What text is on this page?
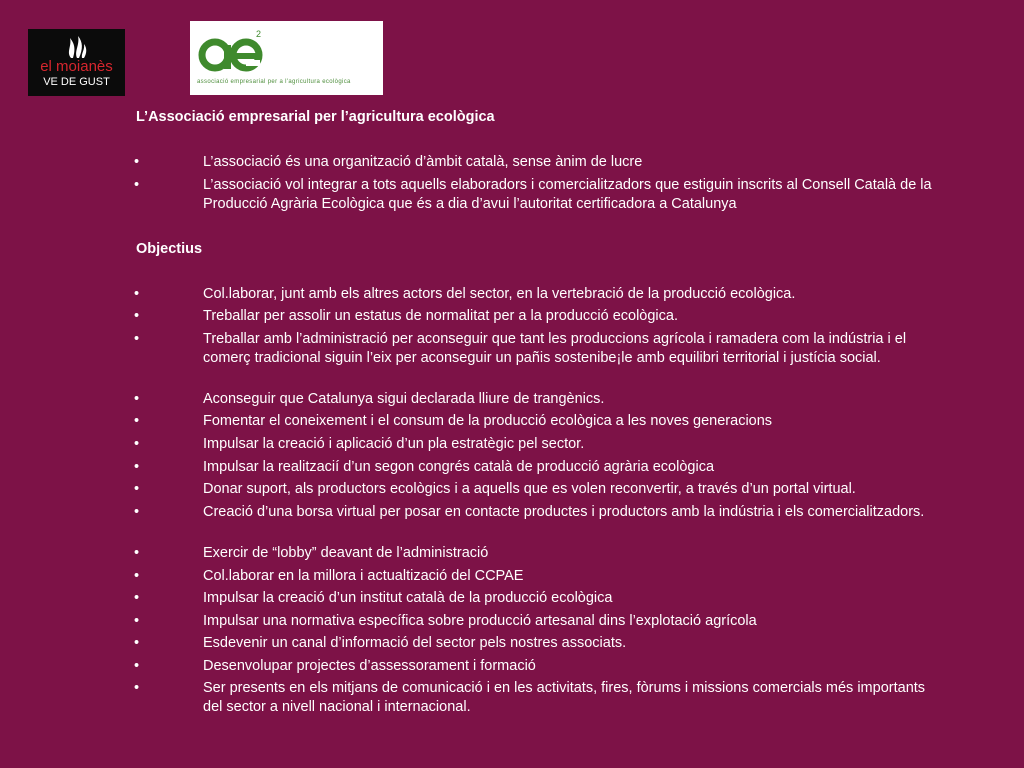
el moianès
VE DE GUST
2
associació empresarial per a l'agricultura ecològica
L’Associació empresarial per l’agricultura ecològica
•	L’associació és una organització d’àmbit català, sense ànim de lucre
•	L’associació vol integrar a tots aquells elaboradors i comercialitzadors que estiguin inscrits al Consell Català de la Producció Agrària Ecològica que és a dia d’avui l’autoritat certificadora a Catalunya
Objectius
•	Col.laborar, junt amb els altres actors del sector, en la vertebració de la producció ecològica.
•	Treballar per assolir un estatus de normalitat per a la producció ecològica.
•	Treballar amb l’administració per aconseguir que tant les produccions agrícola i ramadera com la indústria i el comerç tradicional siguin l’eix per aconseguir un pañis sostenibe¡le amb equilibri territorial i justícia social.
•	Aconseguir que Catalunya sigui declarada lliure de trangènics.
•	Fomentar el coneixement i el consum de la producció ecològica a les noves generacions
•	Impulsar la creació i aplicació d’un pla estratègic pel sector.
•	Impulsar la realitzacií d’un segon congrés català de producció agrària ecològica
•	Donar suport, als productors ecològics i a aquells que es volen reconvertir, a través d’un portal virtual.
•	Creació d’una borsa virtual per posar en contacte productes i productors amb la indústria i els comercialitzadors.
•	Exercir de “lobby” deavant de l’administració
•	Col.laborar en la millora i actualtizació del CCPAE
•	Impulsar la creació d’un institut català de la producció ecològica
•	Impulsar una normativa específica sobre producció artesanal dins l’explotació agrícola
•	Esdevenir un canal d’informació del sector pels nostres associats.
•	Desenvolupar projectes d’assessorament i formació
•	Ser presents en els mitjans de comunicació i en les activitats, fires, fòrums i missions comercials més importants del sector a nivell nacional i internacional.
